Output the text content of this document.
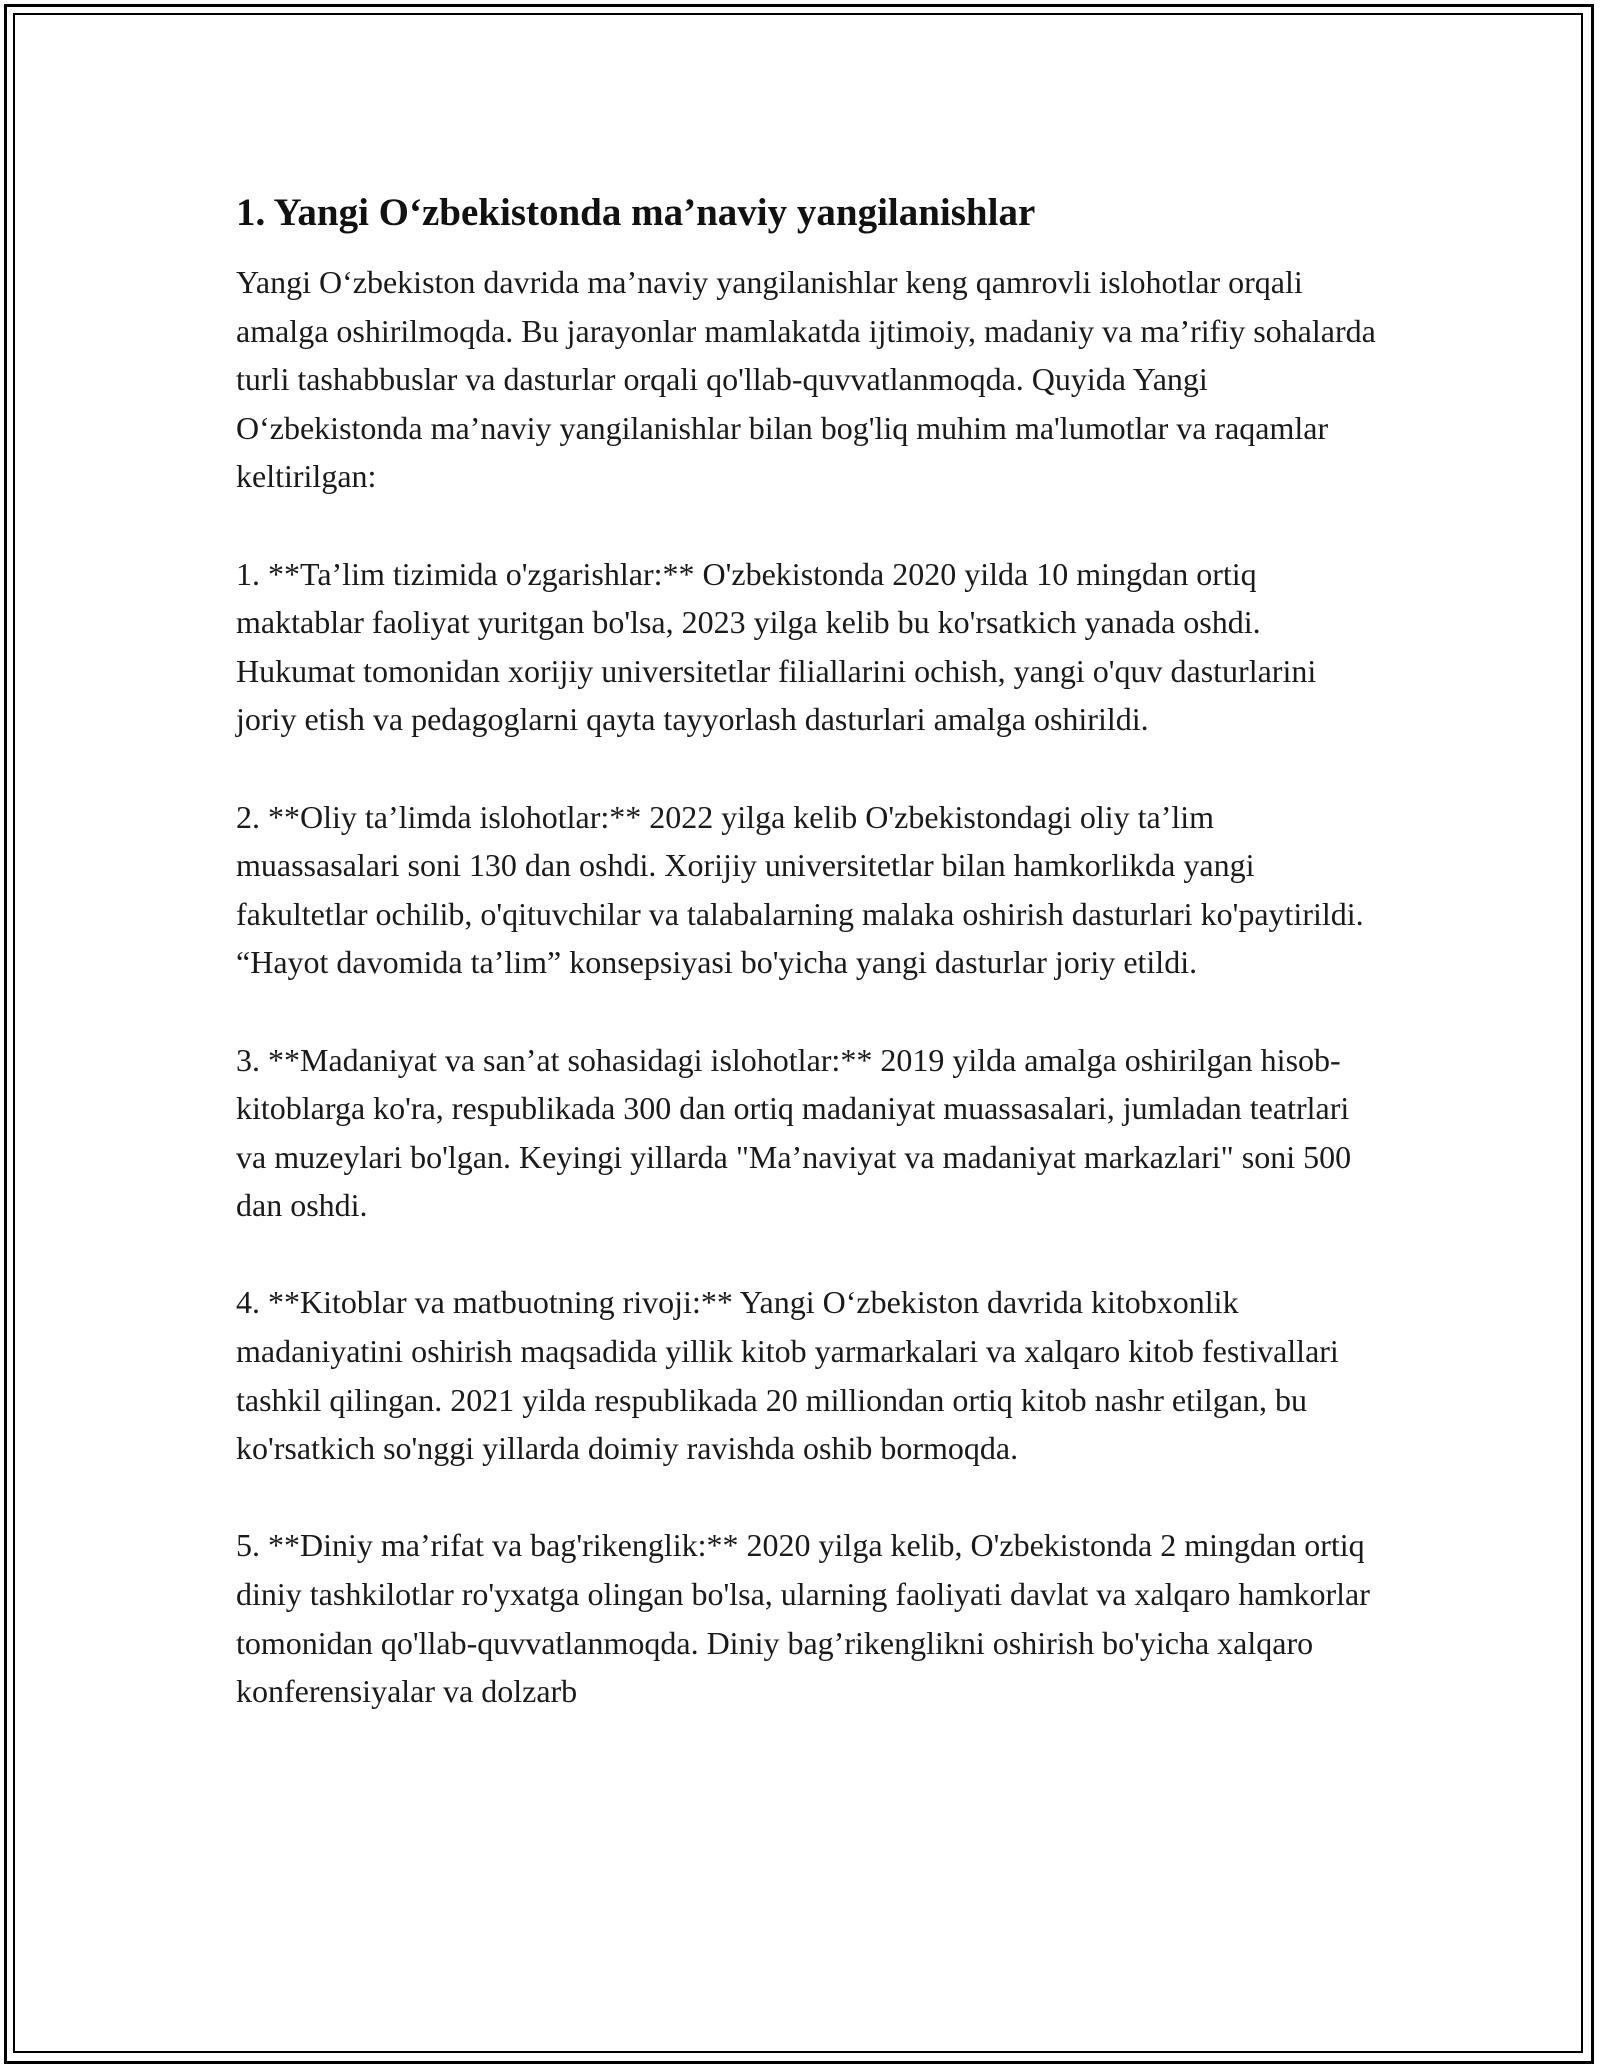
1. Yangi O‘zbekistonda ma’naviy yangilanishlar

Yangi O‘zbekiston davrida ma’naviy yangilanishlar keng qamrovli islohotlar orqali amalga oshirilmoqda. Bu jarayonlar mamlakatda ijtimoiy, madaniy va ma’rifiy sohalarda turli tashabbuslar va dasturlar orqali qo'llab-quvvatlanmoqda. Quyida Yangi O‘zbekistonda ma’naviy yangilanishlar bilan bog'liq muhim ma'lumotlar va raqamlar keltirilgan:

1. **Ta’lim tizimida o'zgarishlar:** O'zbekistonda 2020 yilda 10 mingdan ortiq maktablar faoliyat yuritgan bo'lsa, 2023 yilga kelib bu ko'rsatkich yanada oshdi. Hukumat tomonidan xorijiy universitetlar filiallarini ochish, yangi o'quv dasturlarini joriy etish va pedagoglarni qayta tayyorlash dasturlari amalga oshirildi.

2. **Oliy ta’limda islohotlar:** 2022 yilga kelib O'zbekistondagi oliy ta’lim muassasalari soni 130 dan oshdi. Xorijiy universitetlar bilan hamkorlikda yangi fakultetlar ochilib, o'qituvchilar va talabalarning malaka oshirish dasturlari ko'paytirildi. “Hayot davomida ta’lim” konsepsiyasi bo'yicha yangi dasturlar joriy etildi.

3. **Madaniyat va san’at sohasidagi islohotlar:** 2019 yilda amalga oshirilgan hisob-kitoblarga ko'ra, respublikada 300 dan ortiq madaniyat muassasalari, jumladan teatrlari va muzeylari bo'lgan. Keyingi yillarda "Ma’naviyat va madaniyat markazlari" soni 500 dan oshdi.

4. **Kitoblar va matbuotning rivoji:** Yangi O‘zbekiston davrida kitobxonlik madaniyatini oshirish maqsadida yillik kitob yarmarkalari va xalqaro kitob festivallari tashkil qilingan. 2021 yilda respublikada 20 milliondan ortiq kitob nashr etilgan, bu ko'rsatkich so'nggi yillarda doimiy ravishda oshib bormoqda.

5. **Diniy ma’rifat va bag'rikenglik:** 2020 yilga kelib, O'zbekistonda 2 mingdan ortiq diniy tashkilotlar ro'yxatga olingan bo'lsa, ularning faoliyati davlat va xalqaro hamkorlar tomonidan qo'llab-quvvatlanmoqda. Diniy bag’rikenglikni oshirish bo'yicha xalqaro konferensiyalar va dolzarb
